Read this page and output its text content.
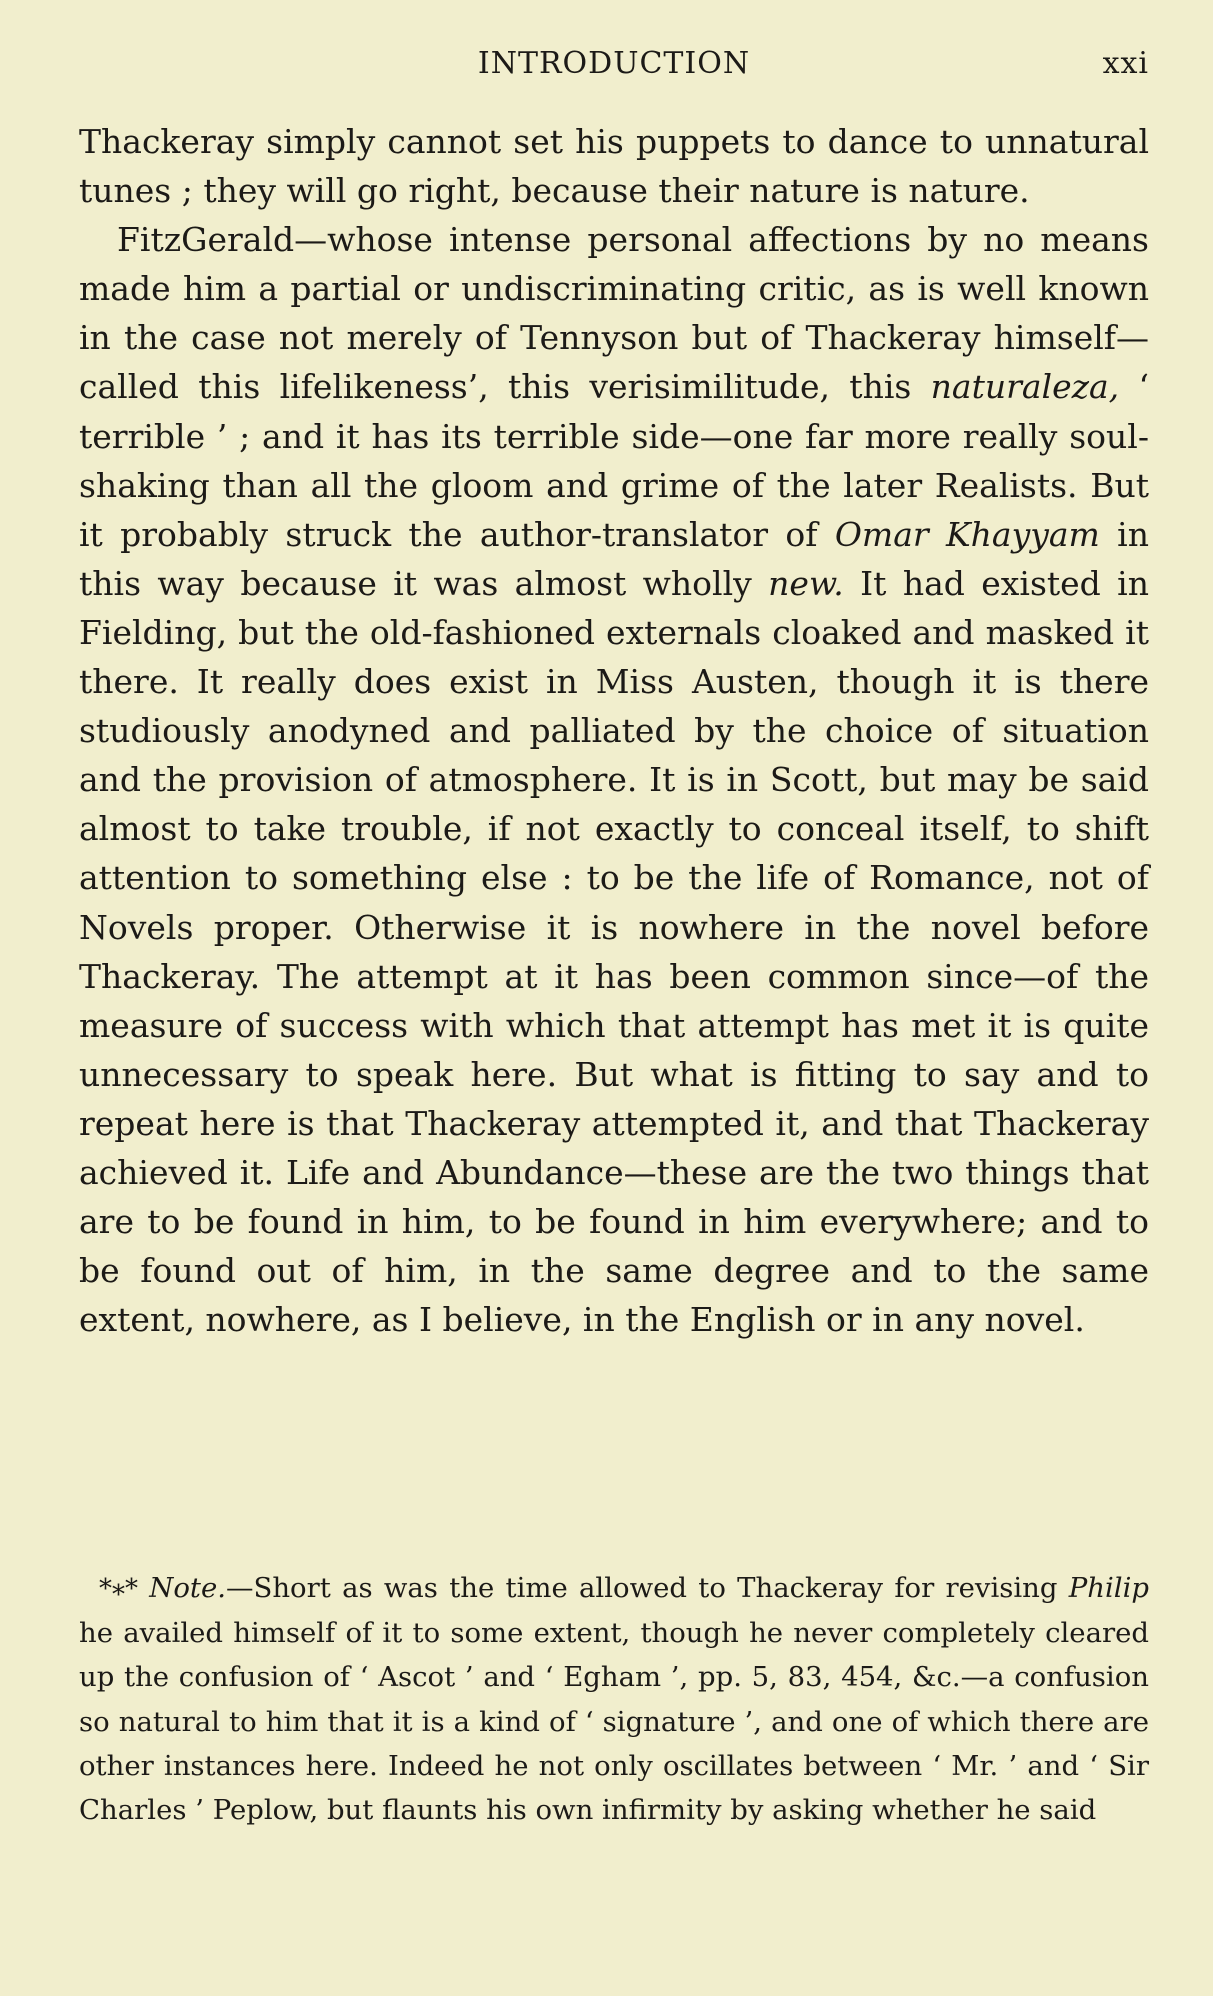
INTRODUCTION	xxi

Thackeray simply cannot set his puppets to dance to unnatural tunes ; they will go right, because their nature is nature.

FitzGerald—whose intense personal affections by no means made him a partial or undiscriminating critic, as is well known in the case not merely of Tennyson but of Thackeray himself—called this lifelikeness’, this verisimilitude, this naturaleza, ‘ terrible ’ ; and it has its terrible side—one far more really soul-shaking than all the gloom and grime of the later Realists. But it probably struck the author-translator of Omar Khayyam in this way because it was almost wholly new. It had existed in Fielding, but the old-fashioned externals cloaked and masked it there. It really does exist in Miss Austen, though it is there studiously anodyned and palliated by the choice of situation and the provision of atmosphere. It is in Scott, but may be said almost to take trouble, if not exactly to conceal itself, to shift attention to something else : to be the life of Romance, not of Novels proper. Otherwise it is nowhere in the novel before Thackeray. The attempt at it has been common since—of the measure of success with which that attempt has met it is quite unnecessary to speak here. But what is fitting to say and to repeat here is that Thackeray attempted it, and that Thackeray achieved it. Life and Abundance—these are the two things that are to be found in him, to be found in him everywhere; and to be found out of him, in the same degree and to the same extent, nowhere, as I believe, in the English or in any novel.

*** Note.—Short as was the time allowed to Thackeray for revising Philip he availed himself of it to some extent, though he never completely cleared up the confusion of ‘ Ascot ’ and ‘ Egham ’, pp. 5, 83, 454, &c.—a confusion so natural to him that it is a kind of ‘ signature ’, and one of which there are other instances here. Indeed he not only oscillates between ‘ Mr. ’ and ‘ Sir Charles ’ Peplow, but flaunts his own infirmity by asking whether he said
